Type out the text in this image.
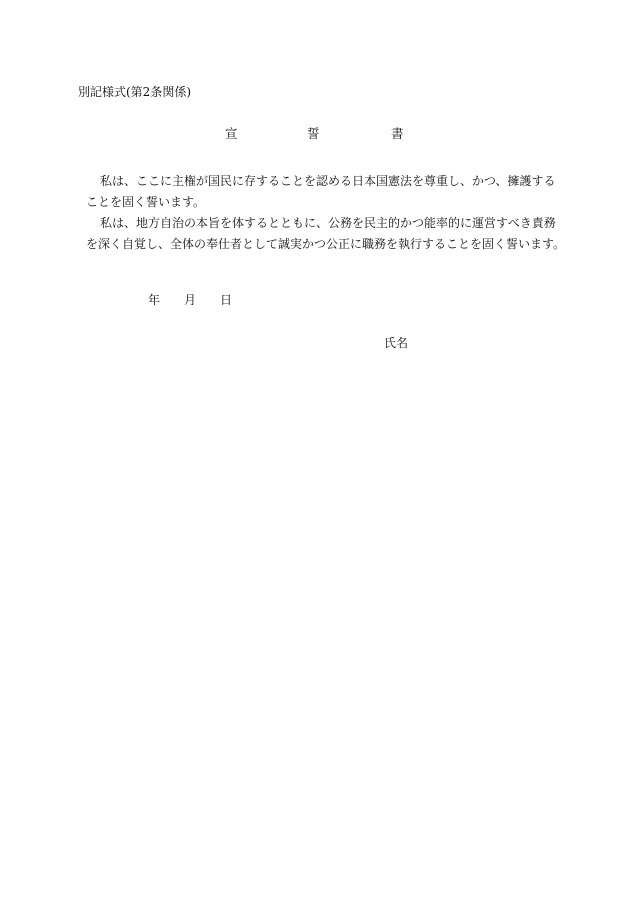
別記様式(第2条関係)
宣	誓	書
私は、ここに主権が国民に存することを認める日本国憲法を尊重し、かつ、擁護する
ことを固く誓います。
私は、地方自治の本旨を体するとともに、公務を民主的かつ能率的に運営すべき責務
を深く自覚し、全体の奉仕者として誠実かつ公正に職務を執行することを固く誓います。
年 月 日
氏名
